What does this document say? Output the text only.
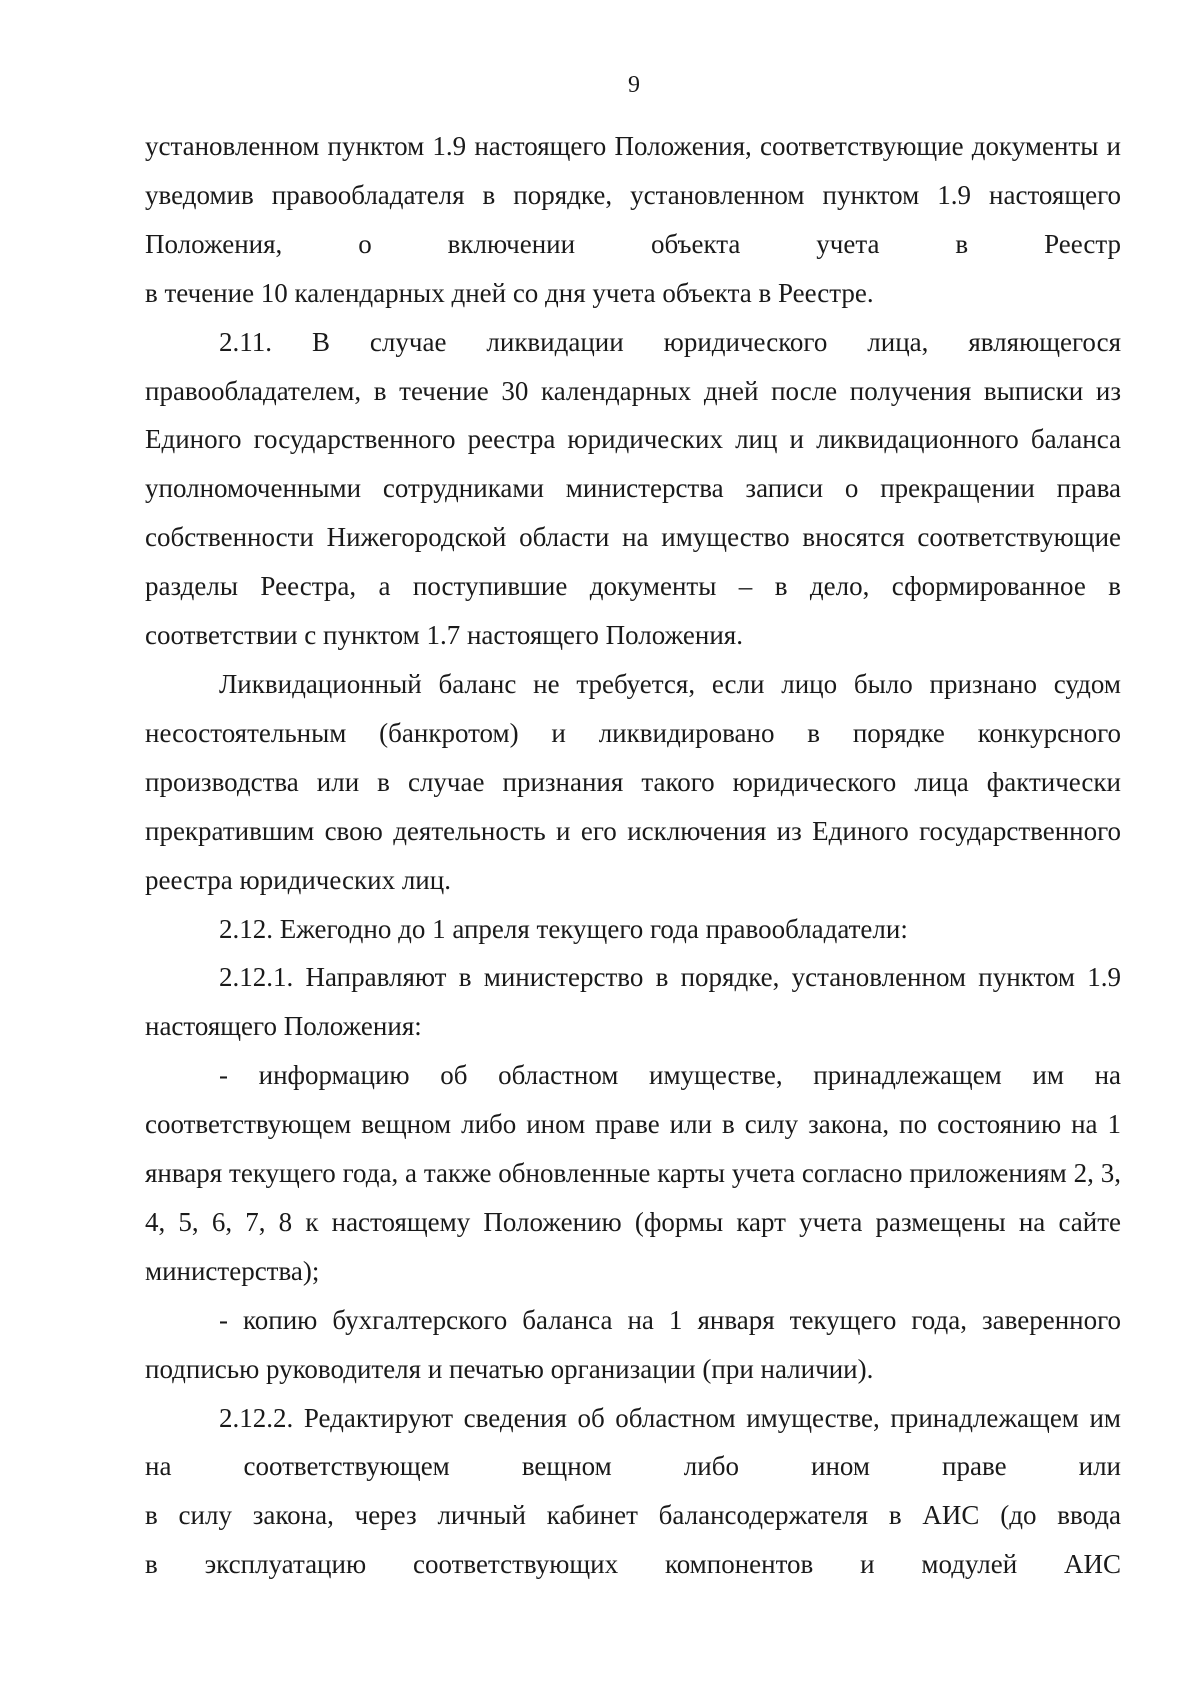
9

установленном пунктом 1.9 настоящего Положения, соответствующие документы и уведомив правообладателя в порядке, установленном пунктом 1.9 настоящего Положения, о включении объекта учета в Реестр

в течение 10 календарных дней со дня учета объекта в Реестре.

2.11. В случае ликвидации юридического лица, являющегося правообладателем, в течение 30 календарных дней после получения выписки из Единого государственного реестра юридических лиц и ликвидационного баланса уполномоченными сотрудниками министерства записи о прекращении права собственности Нижегородской области на имущество вносятся соответствующие разделы Реестра, а поступившие документы – в дело, сформированное в соответствии с пунктом 1.7 настоящего Положения.

Ликвидационный баланс не требуется, если лицо было признано судом несостоятельным (банкротом) и ликвидировано в порядке конкурсного производства или в случае признания такого юридического лица фактически прекратившим свою деятельность и его исключения из Единого государственного реестра юридических лиц.

2.12. Ежегодно до 1 апреля текущего года правообладатели:

2.12.1. Направляют в министерство в порядке, установленном пунктом 1.9 настоящего Положения:

- информацию об областном имуществе, принадлежащем им на соответствующем вещном либо ином праве или в силу закона, по состоянию на 1 января текущего года, а также обновленные карты учета согласно приложениям 2, 3, 4, 5, 6, 7, 8 к настоящему Положению (формы карт учета размещены на сайте министерства);

- копию бухгалтерского баланса на 1 января текущего года, заверенного подписью руководителя и печатью организации (при наличии).

2.12.2. Редактируют сведения об областном имуществе, принадлежащем им на соответствующем вещном либо ином праве или

в силу закона, через личный кабинет балансодержателя в АИС (до ввода

в эксплуатацию соответствующих компонентов и модулей АИС
